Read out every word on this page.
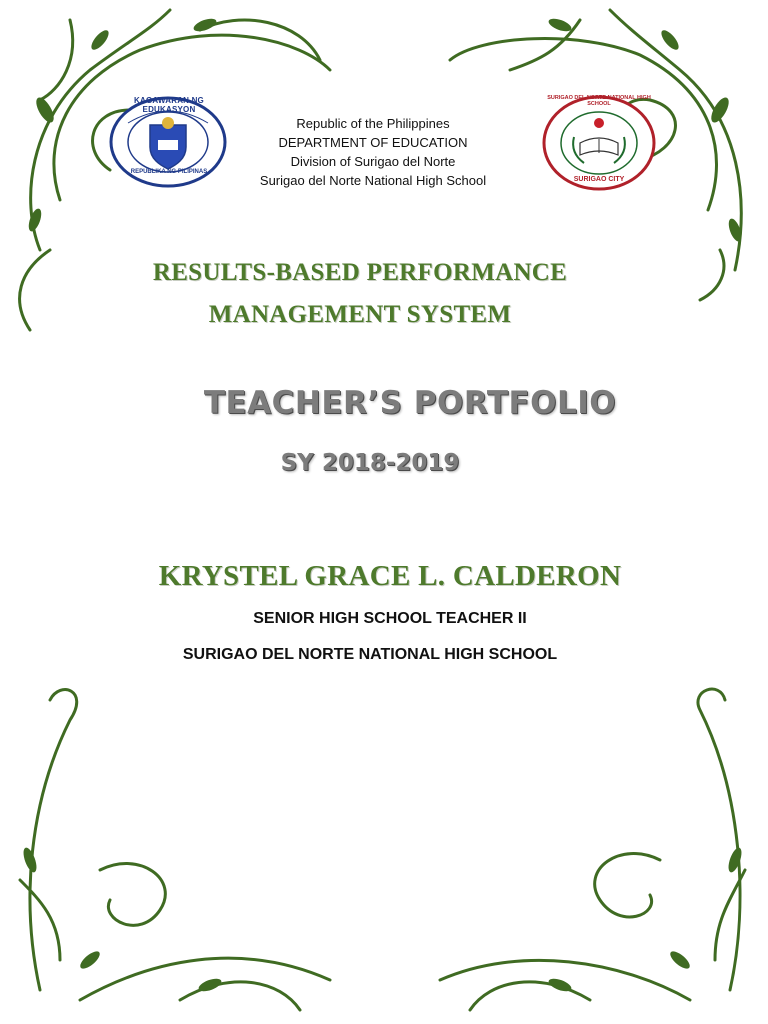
KAGAWARAN NG EDUKASYON
REPUBLIKA NG PILIPINAS
SURIGAO DEL NORTE NATIONAL HIGH SCHOOL
SURIGAO CITY
Republic of the Philippines
DEPARTMENT OF EDUCATION
Division of Surigao del Norte
Surigao del Norte National High School
RESULTS-BASED PERFORMANCE
MANAGEMENT SYSTEM
TEACHER’S PORTFOLIO
SY 2018-2019
KRYSTEL GRACE L. CALDERON
SENIOR HIGH SCHOOL TEACHER II
SURIGAO DEL NORTE NATIONAL HIGH SCHOOL
